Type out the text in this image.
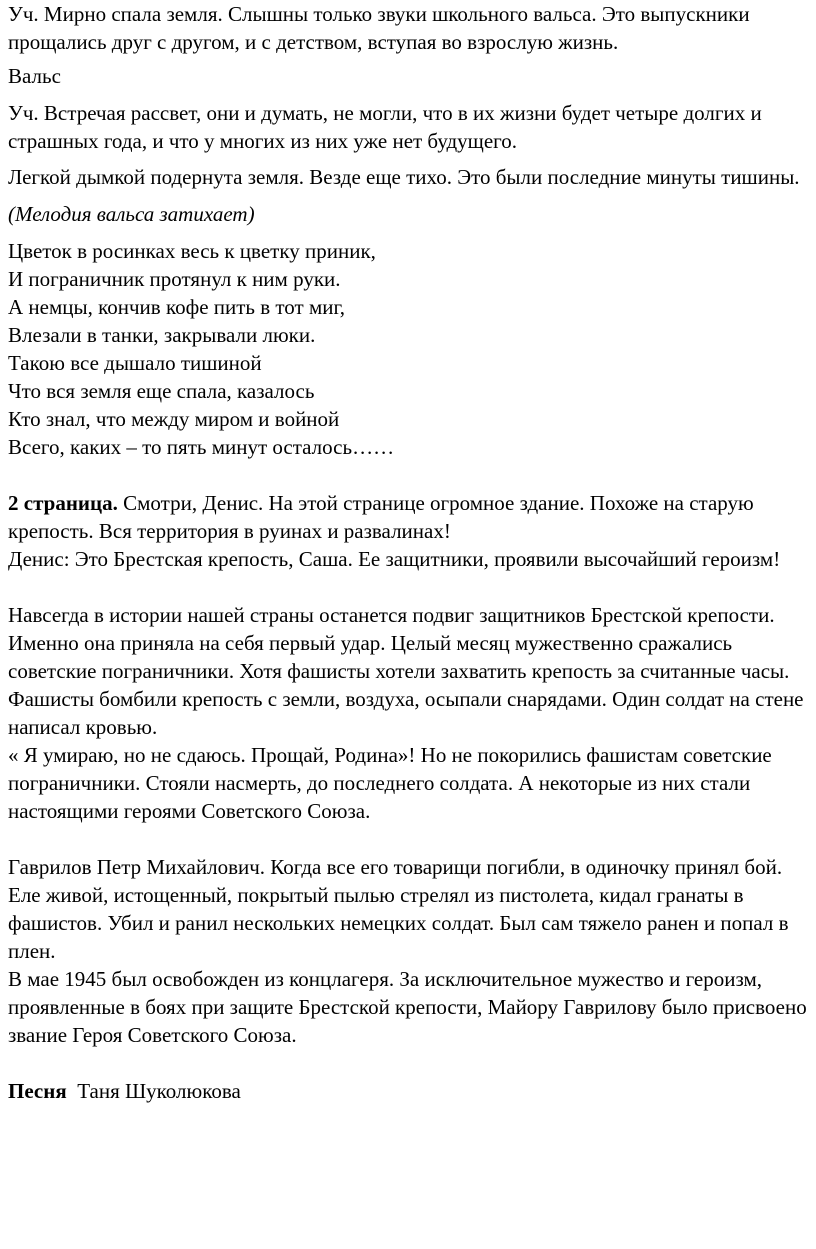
Уч. Мирно спала земля. Слышны только звуки школьного вальса. Это выпускники прощались друг с другом, и с детством, вступая во взрослую жизнь.

Вальс

Уч. Встречая рассвет, они и думать, не могли, что в их жизни будет четыре долгих и страшных года, и что у многих из них уже нет будущего.

Легкой дымкой подернута земля. Везде еще тихо. Это были последние минуты тишины.

(Мелодия вальса затихает)

Цветок в росинках весь к цветку приник,
И пограничник протянул к ним руки.
А немцы, кончив кофе пить в тот миг,
Влезали в танки, закрывали люки.
Такою все дышало тишиной
Что вся земля еще спала, казалось
Кто знал, что между миром и войной
Всего, каких – то пять минут осталось……
2 страница. Смотри, Денис. На этой странице огромное здание. Похоже на старую крепость. Вся территория в руинах и развалинах!
Денис: Это Брестская крепость, Саша. Ее защитники, проявили высочайший героизм!
Навсегда в истории нашей страны останется подвиг защитников Брестской крепости. Именно она приняла на себя первый удар. Целый месяц мужественно сражались советские пограничники. Хотя фашисты хотели захватить крепость за считанные часы. Фашисты бомбили крепость с земли, воздуха, осыпали снарядами. Один солдат на стене написал кровью.
« Я умираю, но не сдаюсь. Прощай, Родина»! Но не покорились фашистам советские пограничники. Стояли насмерть, до последнего солдата. А некоторые из них стали настоящими героями Советского Союза.
Гаврилов Петр Михайлович. Когда все его товарищи погибли, в одиночку принял бой. Еле живой, истощенный, покрытый пылью стрелял из пистолета, кидал гранаты в фашистов. Убил и ранил нескольких немецких солдат. Был сам тяжело ранен и попал в плен.
В мае 1945 был освобожден из концлагеря. За исключительное мужество и героизм, проявленные в боях при защите Брестской крепости, Майору Гаврилову было присвоено звание Героя Советского Союза.

Песня  Таня Шуколюкова
